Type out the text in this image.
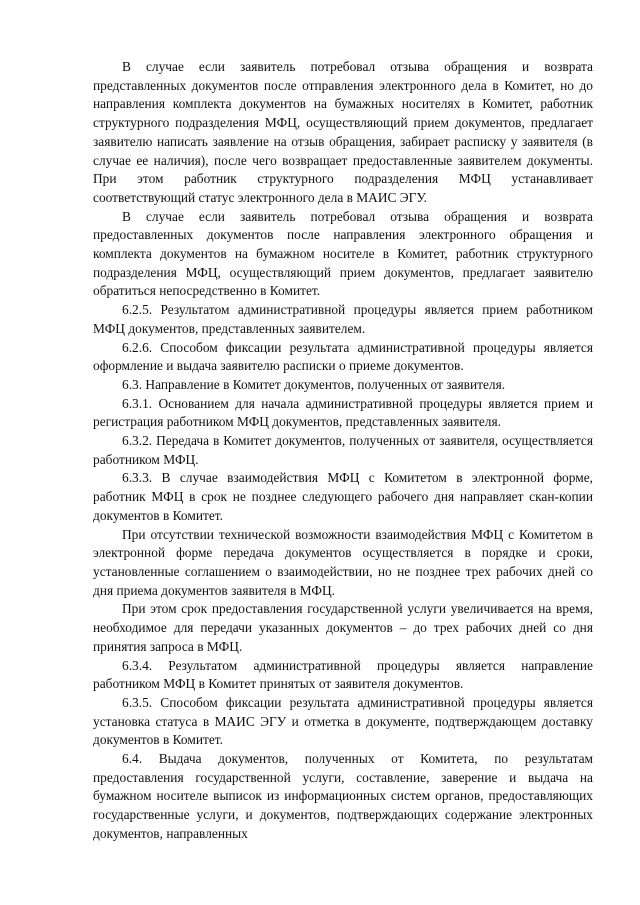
В случае если заявитель потребовал отзыва обращения и возврата представленных документов после отправления электронного дела в Комитет, но до направления комплекта документов на бумажных носителях в Комитет, работник структурного подразделения МФЦ, осуществляющий прием документов, предлагает заявителю написать заявление на отзыв обращения, забирает расписку у заявителя (в случае ее наличия), после чего возвращает предоставленные заявителем документы. При этом работник структурного подразделения МФЦ устанавливает соответствующий статус электронного дела в МАИС ЭГУ.

В случае если заявитель потребовал отзыва обращения и возврата предоставленных документов после направления электронного обращения и комплекта документов на бумажном носителе в Комитет, работник структурного подразделения МФЦ, осуществляющий прием документов, предлагает заявителю обратиться непосредственно в Комитет.

6.2.5. Результатом административной процедуры является прием работником МФЦ документов, представленных заявителем.

6.2.6. Способом фиксации результата административной процедуры является оформление и выдача заявителю расписки о приеме документов.

6.3. Направление в Комитет документов, полученных от заявителя.

6.3.1. Основанием для начала административной процедуры является прием и регистрация работником МФЦ документов, представленных заявителя.

6.3.2. Передача в Комитет документов, полученных от заявителя, осуществляется работником МФЦ.

6.3.3. В случае взаимодействия МФЦ с Комитетом в электронной форме, работник МФЦ в срок не позднее следующего рабочего дня направляет скан-копии документов в Комитет.

При отсутствии технической возможности взаимодействия МФЦ с Комитетом в электронной форме передача документов осуществляется в порядке и сроки, установленные соглашением о взаимодействии, но не позднее трех рабочих дней со дня приема документов заявителя в МФЦ.

При этом срок предоставления государственной услуги увеличивается на время, необходимое для передачи указанных документов – до трех рабочих дней со дня принятия запроса в МФЦ.

6.3.4. Результатом административной процедуры является направление работником МФЦ в Комитет принятых от заявителя документов.

6.3.5. Способом фиксации результата административной процедуры является установка статуса в МАИС ЭГУ и отметка в документе, подтверждающем доставку документов в Комитет.

6.4. Выдача документов, полученных от Комитета, по результатам предоставления государственной услуги, составление, заверение и выдача на бумажном носителе выписок из информационных систем органов, предоставляющих государственные услуги, и документов, подтверждающих содержание электронных документов, направленных
